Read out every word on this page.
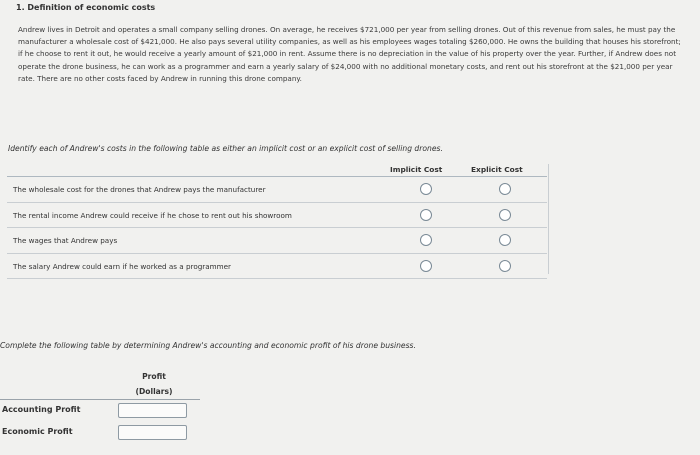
1. Definition of economic costs
Andrew lives in Detroit and operates a small company selling drones. On average, he receives $721,000 per year from selling drones. Out of this revenue from sales, he must pay the manufacturer a wholesale cost of $421,000. He also pays several utility companies, as well as his employees wages totaling $260,000. He owns the building that houses his storefront; if he choose to rent it out, he would receive a yearly amount of $21,000 in rent. Assume there is no depreciation in the value of his property over the year. Further, if Andrew does not operate the drone business, he can work as a programmer and earn a yearly salary of $24,000 with no additional monetary costs, and rent out his storefront at the $21,000 per year rate. There are no other costs faced by Andrew in running this drone company.
Identify each of Andrew's costs in the following table as either an implicit cost or an explicit cost of selling drones.
Implicit Cost	Explicit Cost
The wholesale cost for the drones that Andrew pays the manufacturer
The rental income Andrew could receive if he chose to rent out his showroom
The wages that Andrew pays
The salary Andrew could earn if he worked as a programmer
Complete the following table by determining Andrew's accounting and economic profit of his drone business.
Profit
(Dollars)
Accounting Profit
Economic Profit
